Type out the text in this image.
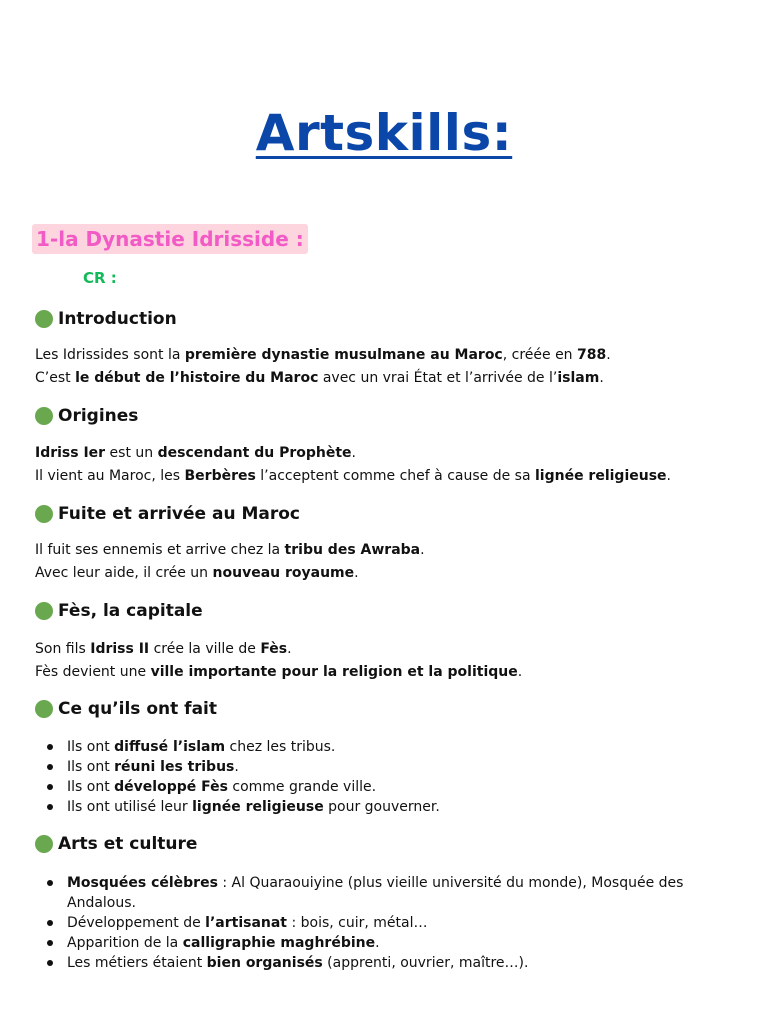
Artskills:
1-la Dynastie Idrisside :
CR :
Introduction
Les Idrissides sont la première dynastie musulmane au Maroc, créée en 788.
C’est le début de l’histoire du Maroc avec un vrai État et l’arrivée de l’islam.
Origines
Idriss Ier est un descendant du Prophète.
Il vient au Maroc, les Berbères l’acceptent comme chef à cause de sa lignée religieuse.
Fuite et arrivée au Maroc
Il fuit ses ennemis et arrive chez la tribu des Awraba.
Avec leur aide, il crée un nouveau royaume.
Fès, la capitale
Son fils Idriss II crée la ville de Fès.
Fès devient une ville importante pour la religion et la politique.
Ce qu’ils ont fait
Ils ont diffusé l’islam chez les tribus.
Ils ont réuni les tribus.
Ils ont développé Fès comme grande ville.
Ils ont utilisé leur lignée religieuse pour gouverner.
Arts et culture
Mosquées célèbres : Al Quaraouiyine (plus vieille université du monde), Mosquée des Andalous.
Développement de l’artisanat : bois, cuir, métal…
Apparition de la calligraphie maghrébine.
Les métiers étaient bien organisés (apprenti, ouvrier, maître…).
